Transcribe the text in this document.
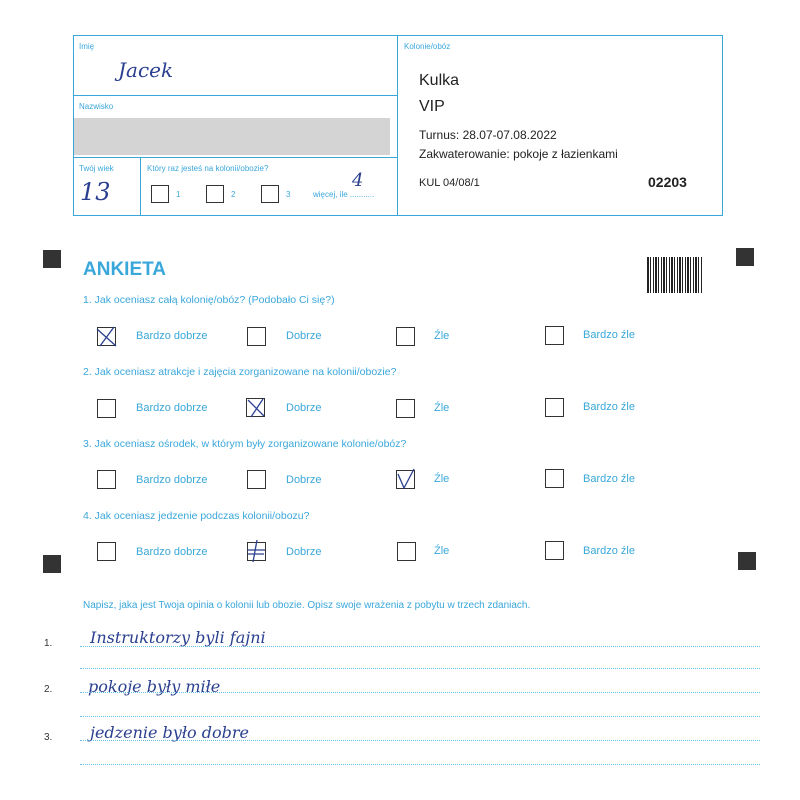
Imię
Jacek
Nazwisko
Twój wiek
13
Który raz jesteś na kolonii/obozie?
1	2	3	więcej, ile ...........
4
Kolonie/obóz
Kulka
VIP
Turnus: 28.07-07.08.2022
Zakwaterowanie: pokoje z łazienkami
KUL 04/08/1	02203
ANKIETA
1. Jak oceniasz całą kolonię/obóz? (Podobało Ci się?)
Bardzo dobrze	Dobrze	Źle	Bardzo źle
2. Jak oceniasz atrakcje i zajęcia zorganizowane na kolonii/obozie?
Bardzo dobrze	Dobrze	Źle	Bardzo źle
3. Jak oceniasz ośrodek, w którym były zorganizowane kolonie/obóz?
Bardzo dobrze	Dobrze	Źle	Bardzo źle
4. Jak oceniasz jedzenie podczas kolonii/obozu?
Bardzo dobrze	Dobrze	Źle	Bardzo źle
Napisz, jaka jest Twoja opinia o kolonii lub obozie. Opisz swoje wrażenia z pobytu w trzech zdaniach.
1. Instruktorzy byli fajni
2. pokoje były miłe
3. jedzenie było dobre
